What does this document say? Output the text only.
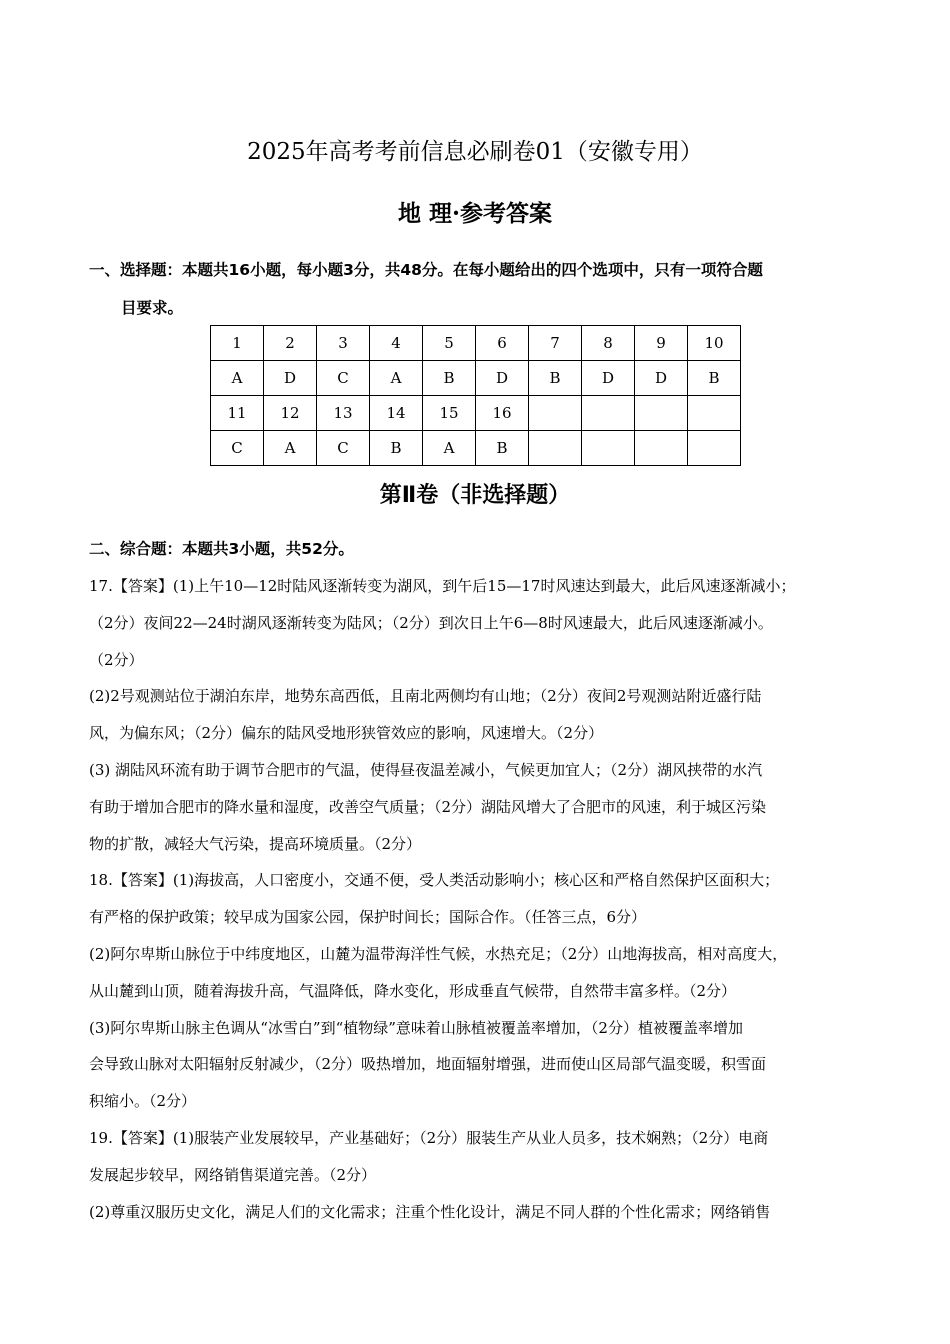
2025年高考考前信息必刷卷01（安徽专用）
地 理·参考答案
一、选择题：本题共16小题，每小题3分，共48分。在每小题给出的四个选项中，只有一项符合题
目要求。
1	2	3	4	5	6	7	8	9	10
A	D	C	A	B	D	B	D	D	B
11	12	13	14	15	16				
C	A	C	B	A	B				
第Ⅱ卷（非选择题）
二、综合题：本题共3小题，共52分。
17.【答案】(1)上午10—12时陆风逐渐转变为湖风，到午后15—17时风速达到最大，此后风速逐渐减小；
（2分）夜间22—24时湖风逐渐转变为陆风；（2分）到次日上午6—8时风速最大，此后风速逐渐减小。
（2分）
(2)2号观测站位于湖泊东岸，地势东高西低，且南北两侧均有山地；（2分）夜间2号观测站附近盛行陆
风，为偏东风；（2分）偏东的陆风受地形狭管效应的影响，风速增大。（2分）
(3) 湖陆风环流有助于调节合肥市的气温，使得昼夜温差减小，气候更加宜人；（2分）湖风挟带的水汽
有助于增加合肥市的降水量和湿度，改善空气质量；（2分）湖陆风增大了合肥市的风速，利于城区污染
物的扩散，减轻大气污染，提高环境质量。（2分）
18.【答案】(1)海拔高，人口密度小，交通不便，受人类活动影响小；核心区和严格自然保护区面积大；
有严格的保护政策；较早成为国家公园，保护时间长；国际合作。（任答三点，6分）
(2)阿尔卑斯山脉位于中纬度地区，山麓为温带海洋性气候，水热充足；（2分）山地海拔高，相对高度大，
从山麓到山顶，随着海拔升高，气温降低，降水变化，形成垂直气候带，自然带丰富多样。（2分）
(3)阿尔卑斯山脉主色调从“冰雪白”到“植物绿”意味着山脉植被覆盖率增加，（2分）植被覆盖率增加
会导致山脉对太阳辐射反射减少，（2分）吸热增加，地面辐射增强，进而使山区局部气温变暖，积雪面
积缩小。（2分）
19.【答案】(1)服装产业发展较早，产业基础好；（2分）服装生产从业人员多，技术娴熟；（2分）电商
发展起步较早，网络销售渠道完善。（2分）
(2)尊重汉服历史文化，满足人们的文化需求；注重个性化设计，满足不同人群的个性化需求；网络销售
